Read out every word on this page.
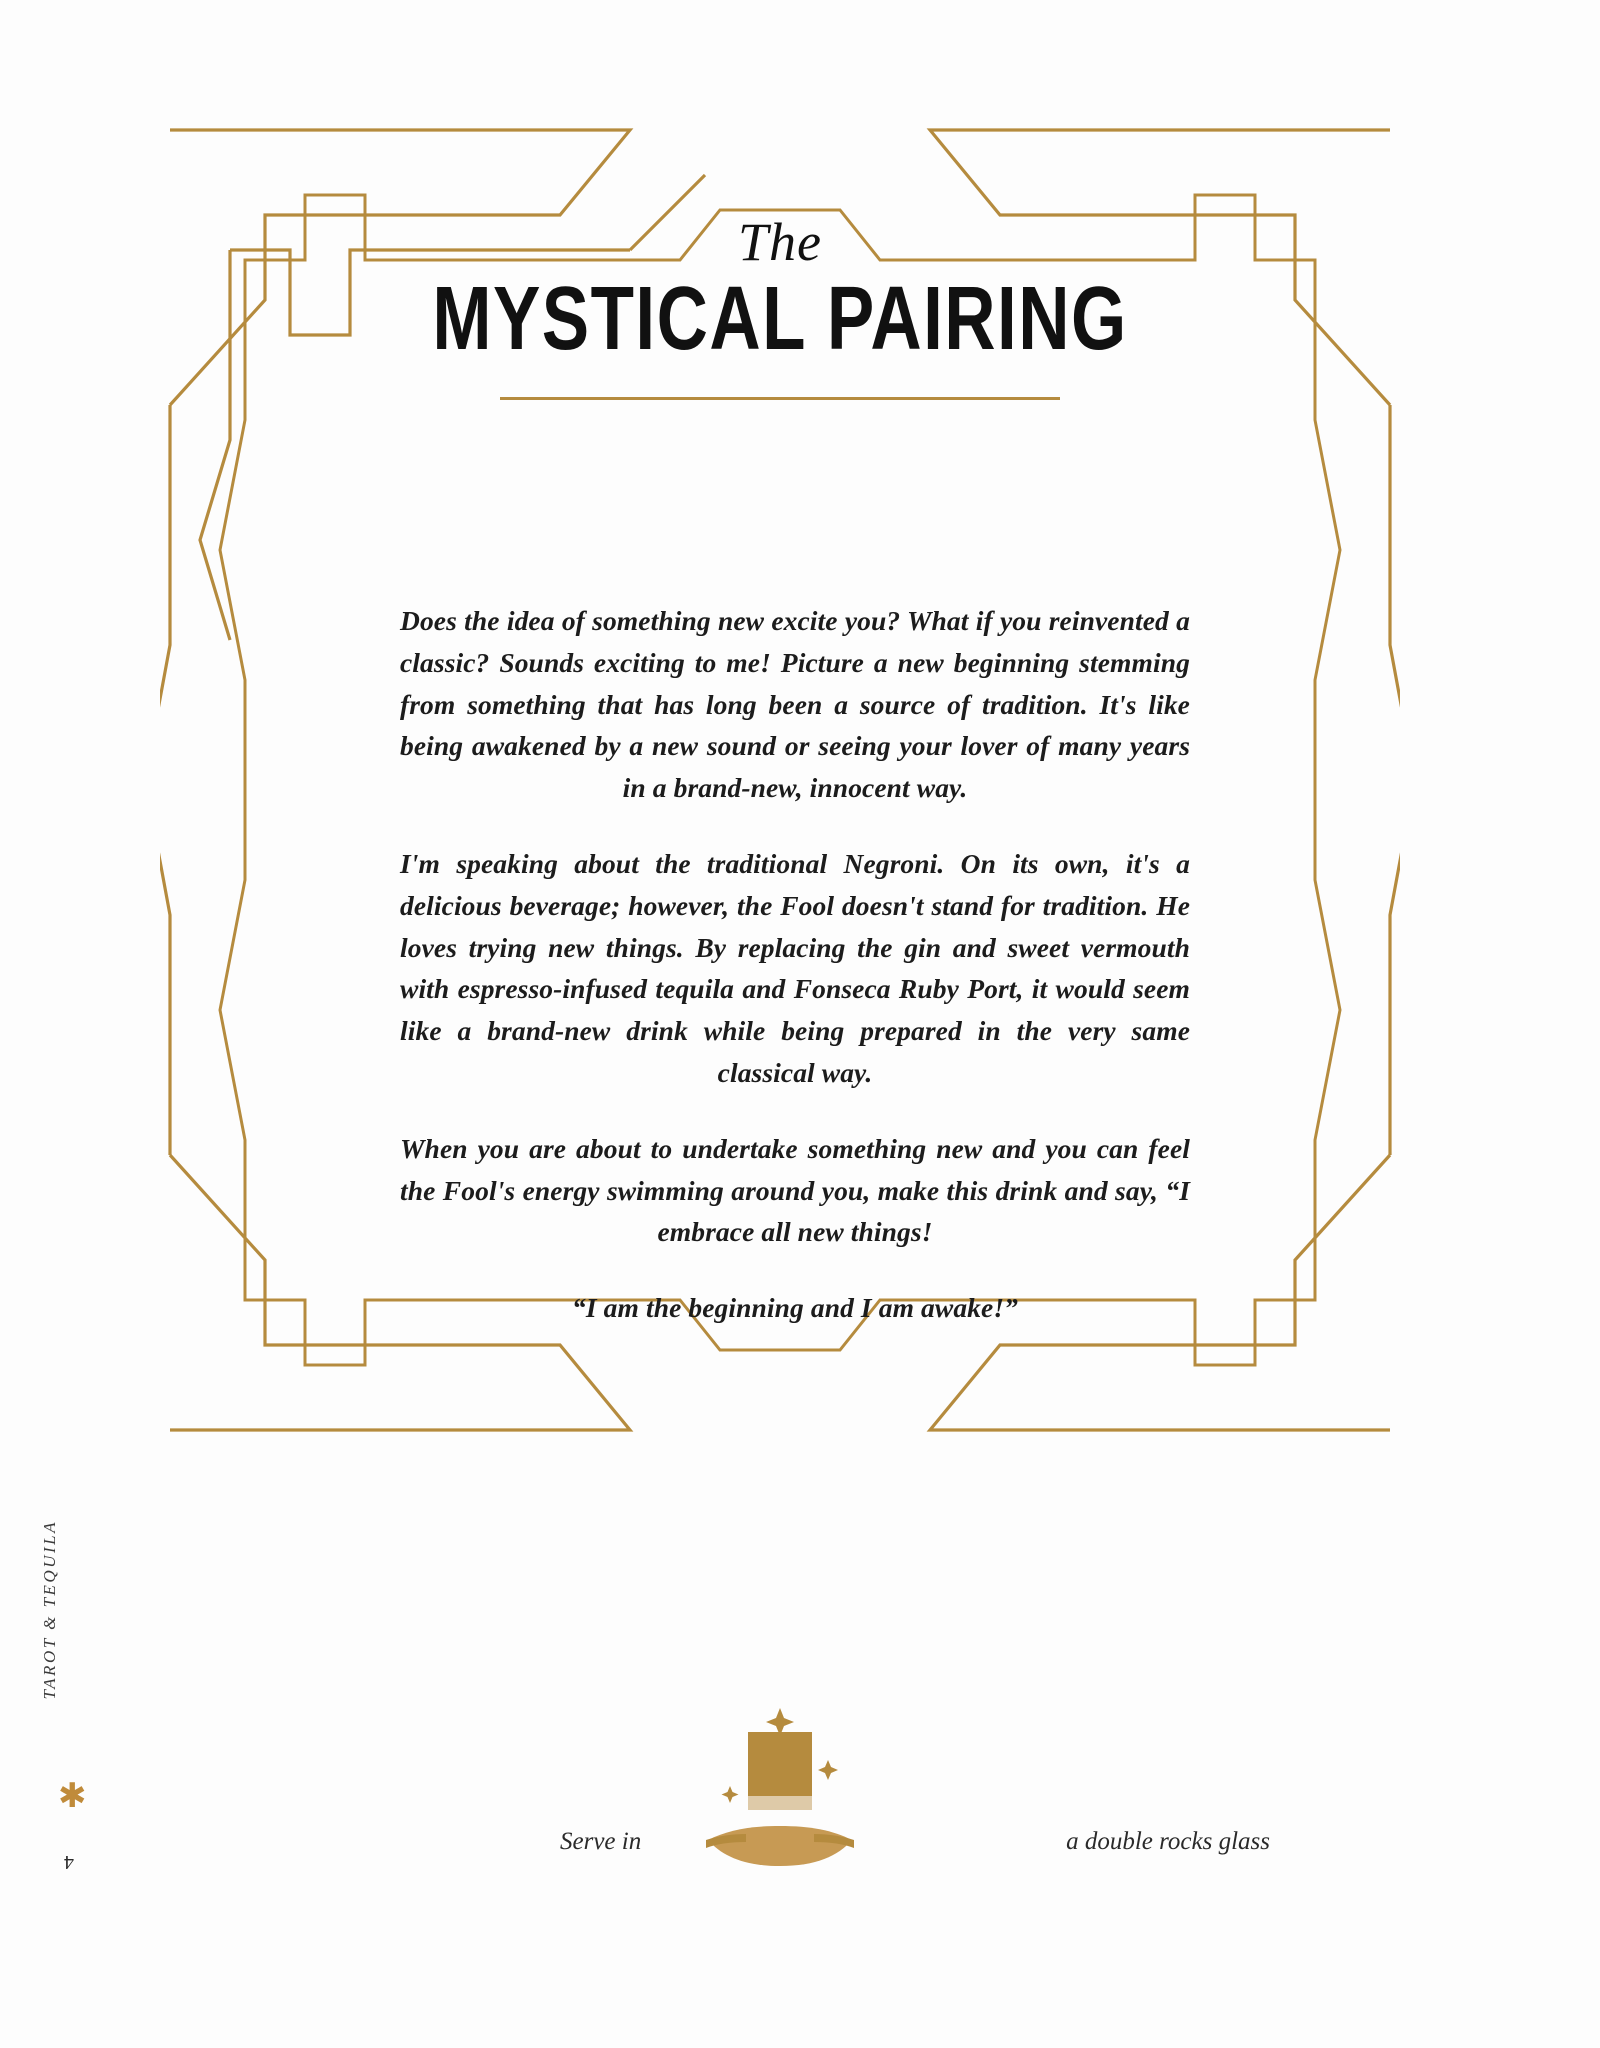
TAROT & TEQUILA
✱
4
The
MYSTICAL PAIRING

Does the idea of something new excite you? What if you reinvented a classic? Sounds exciting to me! Picture a new beginning stemming from something that has long been a source of tradition. It's like being awakened by a new sound or seeing your lover of many years in a brand-new, innocent way.

I'm speaking about the traditional Negroni. On its own, it's a delicious beverage; however, the Fool doesn't stand for tradition. He loves trying new things. By replacing the gin and sweet vermouth with espresso-infused tequila and Fonseca Ruby Port, it would seem like a brand-new drink while being prepared in the very same classical way.

When you are about to undertake something new and you can feel the Fool's energy swimming around you, make this drink and say, “I embrace all new things!

“I am the beginning and I am awake!”

Serve in	a double rocks glass
